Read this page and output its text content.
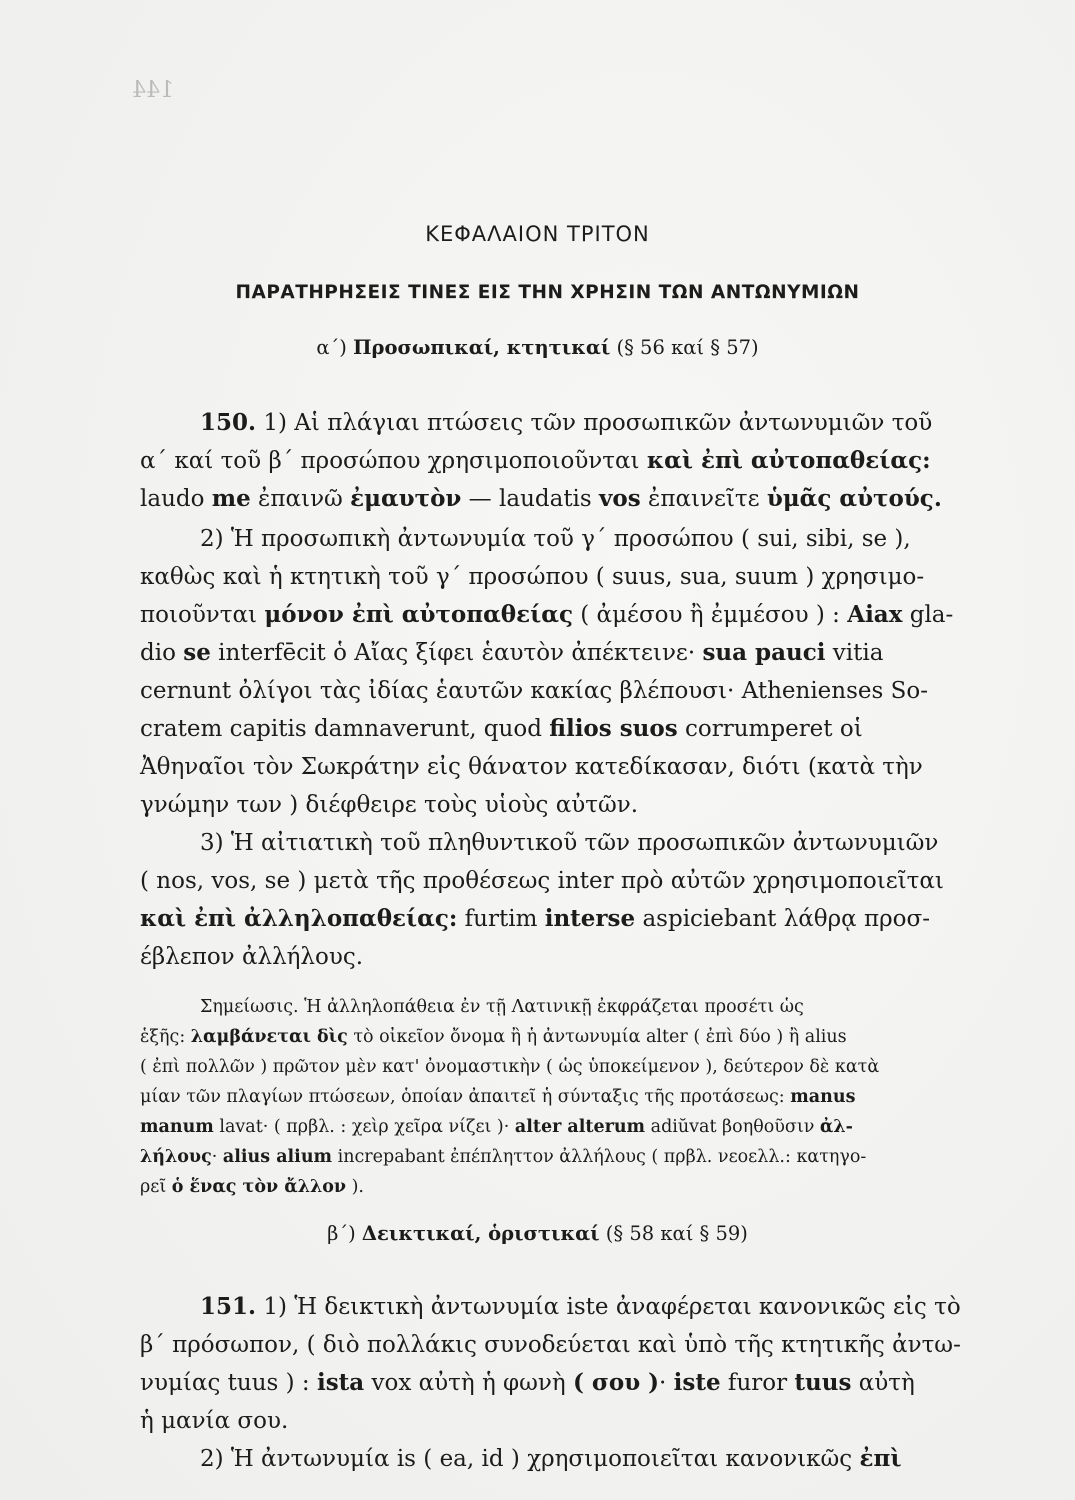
144
ΚΕΦΑΛΑΙΟΝ ΤΡΙΤΟΝ
ΠΑΡΑΤΗΡΗΣΕΙΣ ΤΙΝΕΣ ΕΙΣ ΤΗΝ ΧΡΗΣΙΝ ΤΩΝ ΑΝΤΩΝΥΜΙΩΝ
α΄) Προσωπικαί, κτητικαί (§ 56 καί § 57)
150. 1) Αἱ πλάγιαι πτώσεις τῶν προσωπικῶν ἀντωνυμιῶν τοῦ
α΄ καί τοῦ β΄ προσώπου χρησιμοποιοῦνται καὶ ἐπὶ αὐτοπαθείας:
laudo me ἐπαινῶ ἐμαυτὸν — laudatis vos ἐπαινεῖτε ὑμᾶς αὐτούς.
2) Ἡ προσωπικὴ ἀντωνυμία τοῦ γ΄ προσώπου ( sui, sibi, se ),
καθὼς καὶ ἡ κτητικὴ τοῦ γ΄ προσώπου ( suus, sua, suum ) χρησιμο-
ποιοῦνται μόνον ἐπὶ αὐτοπαθείας ( ἀμέσου ἢ ἐμμέσου ) : Aiax gla-
dio se interfēcit ὁ Αἴας ξίφει ἑαυτὸν ἀπέκτεινε· sua pauci vitia
cernunt ὀλίγοι τὰς ἰδίας ἑαυτῶν κακίας βλέπουσι· Athenienses So-
cratem capitis damnaverunt, quod filios suos corrumperet οἱ
Ἀθηναῖοι τὸν Σωκράτην εἰς θάνατον κατεδίκασαν, διότι (κατὰ τὴν
γνώμην των ) διέφθειρε τοὺς υἱοὺς αὐτῶν.
3) Ἡ αἰτιατικὴ τοῦ πληθυντικοῦ τῶν προσωπικῶν ἀντωνυμιῶν
( nos, vos, se ) μετὰ τῆς προθέσεως inter πρὸ αὐτῶν χρησιμοποιεῖται
καὶ ἐπὶ ἀλληλοπαθείας: furtim interse aspiciebant λάθρᾳ προσ-
έβλεπον ἀλλήλους.
Σημείωσις. Ἡ ἀλληλοπάθεια ἐν τῇ Λατινικῇ ἐκφράζεται προσέτι ὡς
ἑξῆς: λαμβάνεται δὶς τὸ οἰκεῖον ὄνομα ἢ ἡ ἀντωνυμία alter ( ἐπὶ δύο ) ἢ alius
( ἐπὶ πολλῶν ) πρῶτον μὲν κατ' ὀνομαστικὴν ( ὡς ὑποκείμενον ), δεύτερον δὲ κατὰ
μίαν τῶν πλαγίων πτώσεων, ὁποίαν ἀπαιτεῖ ἡ σύνταξις τῆς προτάσεως: manus
manum lavat· ( πρβλ. : χεὶρ χεῖρα νίζει )· alter alterum adiŭvat βοηθοῦσιν ἀλ-
λήλους· alius alium increpabant ἐπέπληττον ἀλλήλους ( πρβλ. νεοελλ.: κατηγο-
ρεῖ ὁ ἕνας τὸν ἄλλον ).
β΄) Δεικτικαί, ὁριστικαί (§ 58 καί § 59)
151. 1) Ἡ δεικτικὴ ἀντωνυμία iste ἀναφέρεται κανονικῶς εἰς τὸ
β΄ πρόσωπον, ( διὸ πολλάκις συνοδεύεται καὶ ὑπὸ τῆς κτητικῆς ἀντω-
νυμίας tuus ) : ista vox αὐτὴ ἡ φωνὴ ( σου )· iste furor tuus αὐτὴ
ἡ μανία σου.
2) Ἡ ἀντωνυμία is ( ea, id ) χρησιμοποιεῖται κανονικῶς ἐπὶ
